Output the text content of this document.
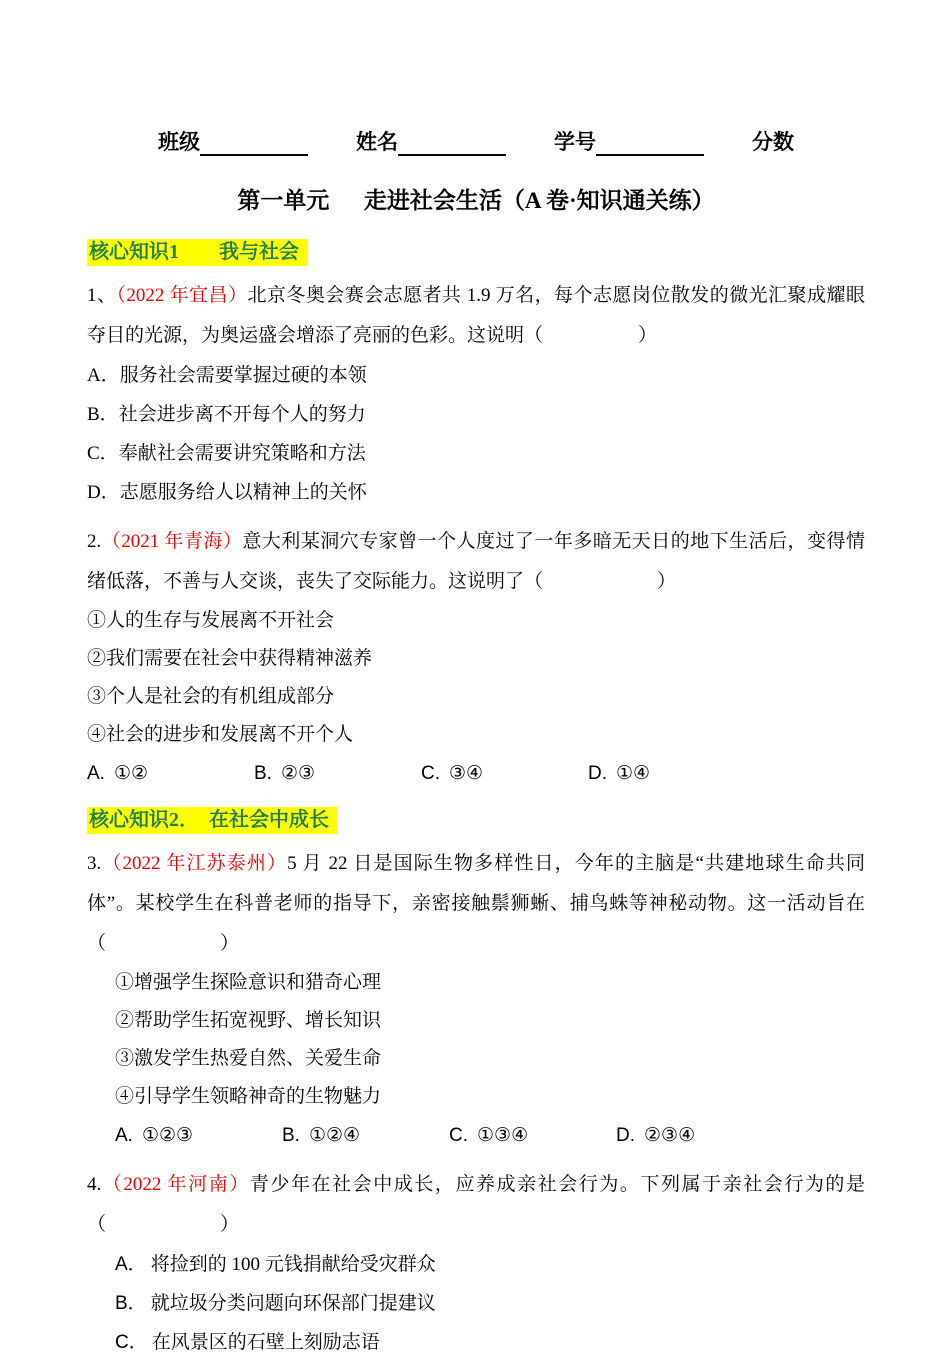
班级	姓名	学号	分数
第一单元　  走进社会生活（A 卷·知识通关练）
核心知识1　　我与社会

1、（2022 年宜昌）北京冬奥会赛会志愿者共 1.9 万名，每个志愿岗位散发的微光汇聚成耀眼夺目的光源，为奥运盛会增添了亮丽的色彩。这说明（　　　　　）

A．服务社会需要掌握过硬的本领
B．社会进步离不开每个人的努力
C．奉献社会需要讲究策略和方法
D．志愿服务给人以精神上的关怀

2.（2021 年青海）意大利某洞穴专家曾一个人度过了一年多暗无天日的地下生活后，变得情绪低落，不善与人交谈，丧失了交际能力。这说明了（　　　　　　）

①人的生存与发展离不开社会
②我们需要在社会中获得精神滋养
③个人是社会的有机组成部分
④社会的进步和发展离不开个人
A. ①②	B. ②③	C. ③④	D. ①④
核心知识2．　在社会中成长

3.（2022 年江苏泰州）5 月 22 日是国际生物多样性日，今年的主脑是“共建地球生命共同体”。某校学生在科普老师的指导下，亲密接触鬃狮蜥、捕鸟蛛等神秘动物。这一活动旨在（　　　　　　）

①增强学生探险意识和猎奇心理
②帮助学生拓宽视野、增长知识
③激发学生热爱自然、关爱生命
④引导学生领略神奇的生物魅力
A. ①②③	B. ①②④	C. ①③④	D. ②③④

4.（2022 年河南）青少年在社会中成长，应养成亲社会行为。下列属于亲社会行为的是（　　　　　　）

A． 将捡到的 100 元钱捐献给受灾群众
B． 就垃圾分类问题向环保部门提建议
C． 在风景区的石壁上刻励志语
